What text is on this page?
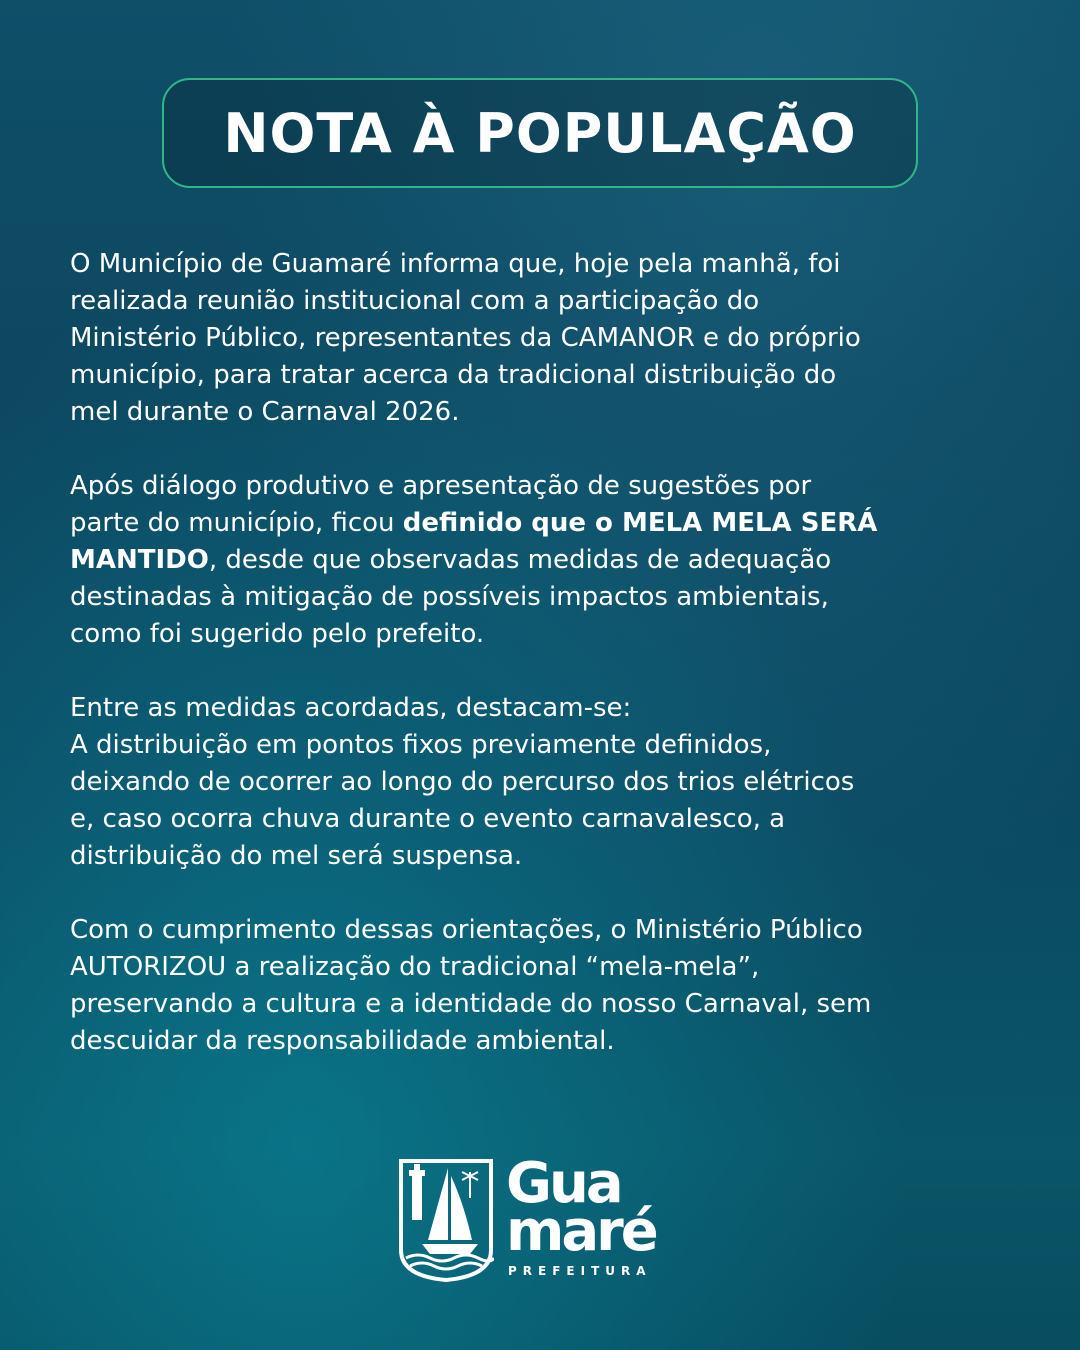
NOTA À POPULAÇÃO
O Município de Guamaré informa que, hoje pela manhã, foi
realizada reunião institucional com a participação do
Ministério Público, representantes da CAMANOR e do próprio
município, para tratar acerca da tradicional distribuição do
mel durante o Carnaval 2026.
Após diálogo produtivo e apresentação de sugestões por
parte do município, ficou definido que o MELA MELA SERÁ
MANTIDO, desde que observadas medidas de adequação
destinadas à mitigação de possíveis impactos ambientais,
como foi sugerido pelo prefeito.
Entre as medidas acordadas, destacam-se:
A distribuição em pontos fixos previamente definidos,
deixando de ocorrer ao longo do percurso dos trios elétricos
e, caso ocorra chuva durante o evento carnavalesco, a
distribuição do mel será suspensa.
Com o cumprimento dessas orientações, o Ministério Público
AUTORIZOU a realização do tradicional “mela-mela”,
preservando a cultura e a identidade do nosso Carnaval, sem
descuidar da responsabilidade ambiental.
Gua
maré
PREFEITURA
